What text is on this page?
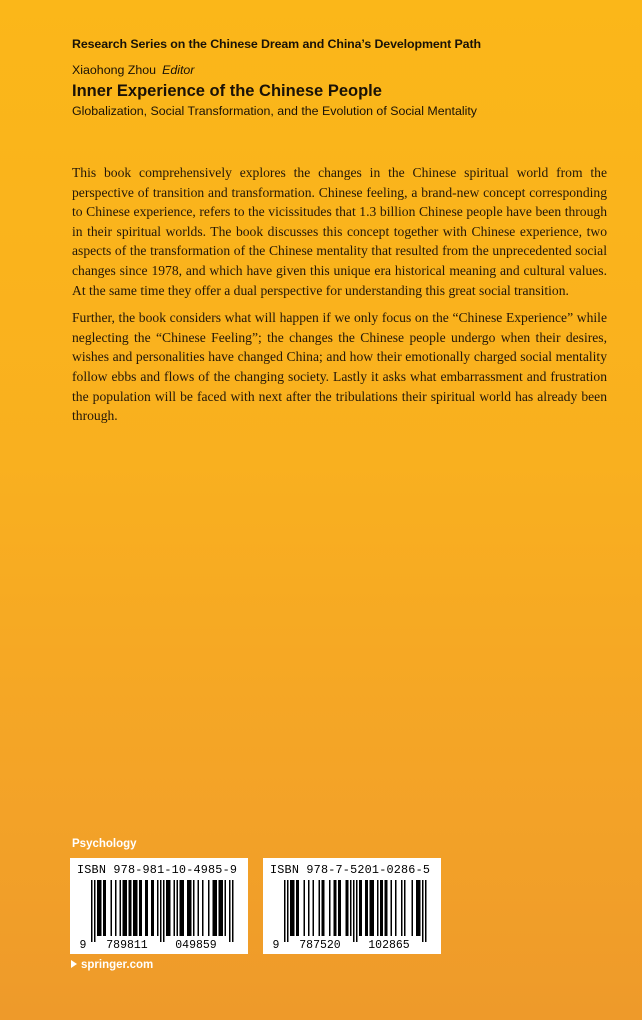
Research Series on the Chinese Dream and China’s Development Path
Xiaohong Zhou Editor
Inner Experience of the Chinese People
Globalization, Social Transformation, and the Evolution of Social Mentality

This book comprehensively explores the changes in the Chinese spiritual world from the perspective of transition and transformation. Chinese feeling, a brand-new concept corresponding to Chinese experience, refers to the vicissitudes that 1.3 billion Chinese people have been through in their spiritual worlds. The book discusses this concept together with Chinese experience, two aspects of the transformation of the Chinese mentality that resulted from the unprecedented social changes since 1978, and which have given this unique era historical meaning and cultural values. At the same time they offer a dual perspective for understanding this great social transition.

Further, the book considers what will happen if we only focus on the “Chinese Experience” while neglecting the “Chinese Feeling”; the changes the Chinese people undergo when their desires, wishes and personalities have changed China; and how their emotionally charged social mentality follow ebbs and flows of the changing society. Lastly it asks what embarrassment and frustration the population will be faced with next after the tribulations their spiritual world has already been through.

Psychology
ISBN 978-981-10-4985-9
9 789811 049859
ISBN 978-7-5201-0286-5
9 787520 102865
springer.com
